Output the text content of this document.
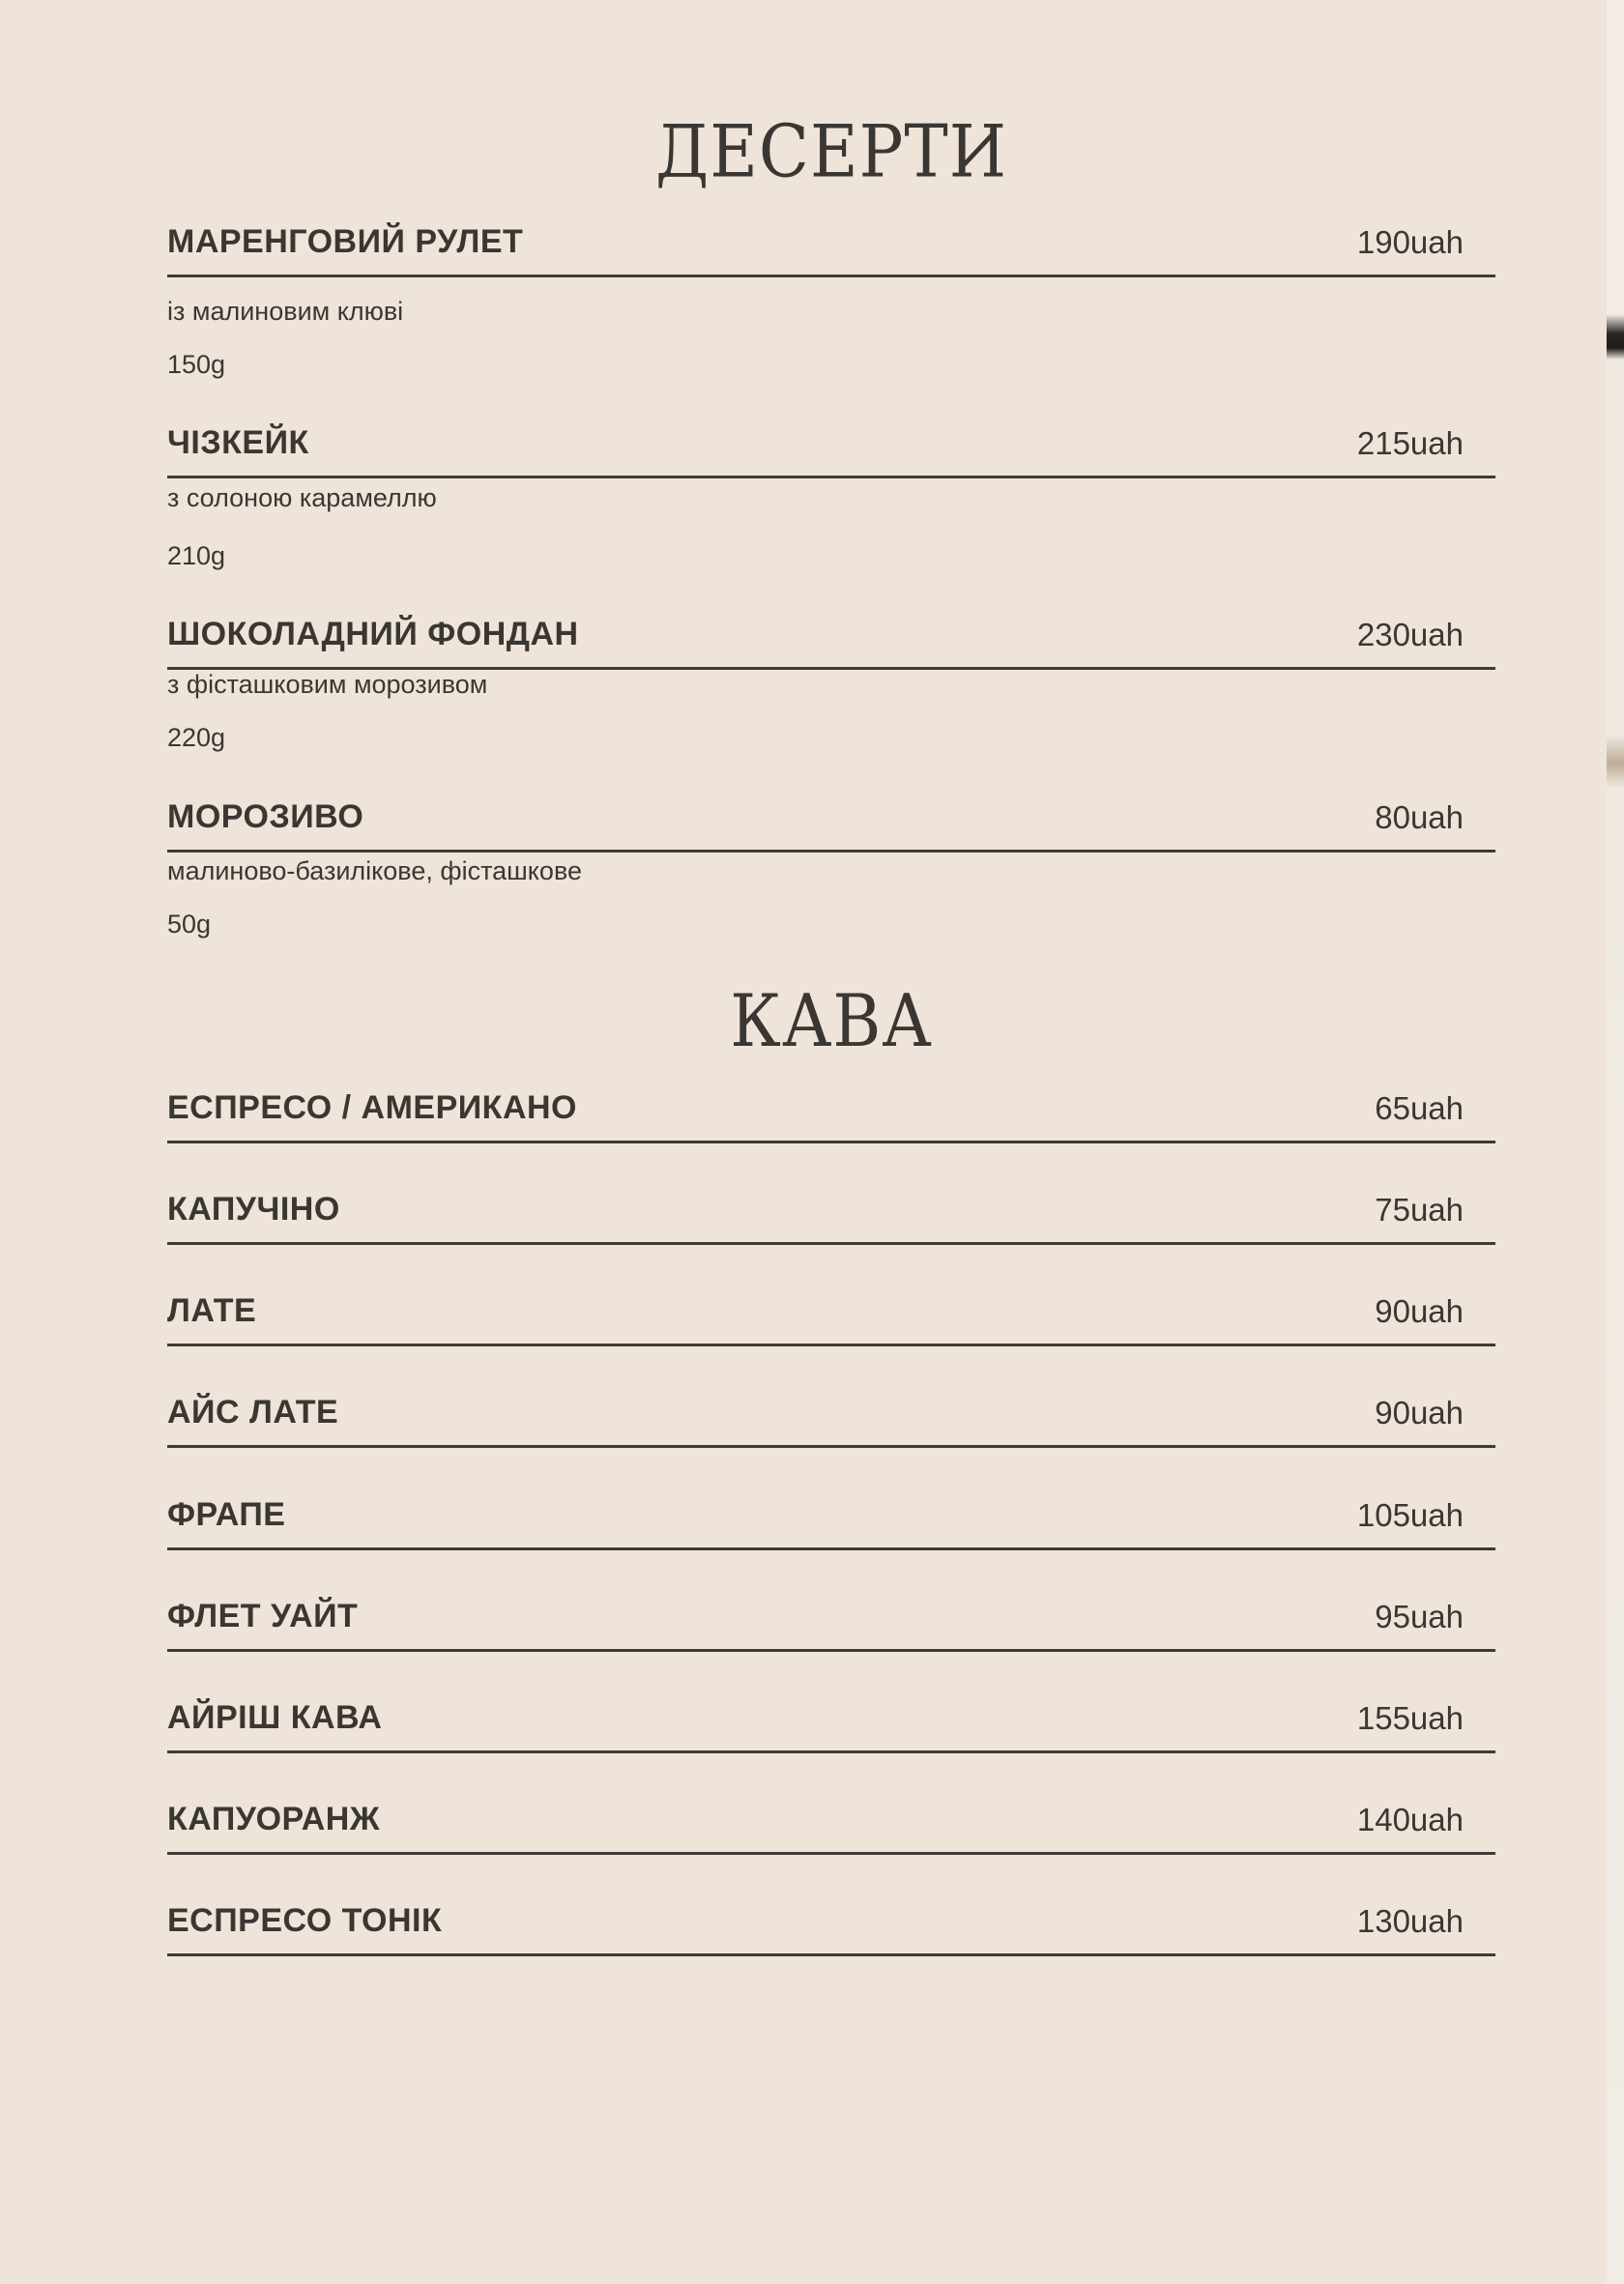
ДЕСЕРТИ
МАРЕНГОВИЙ РУЛЕТ	190uah
із малиновим клюві
150g
ЧІЗКЕЙК	215uah
з солоною карамеллю
210g
ШОКОЛАДНИЙ ФОНДАН	230uah
з фісташковим морозивом
220g
МОРОЗИВО	80uah
малиново-базилікове, фісташкове
50g
КАВА
ЕСПРЕСО / АМЕРИКАНО	65uah
КАПУЧІНО	75uah
ЛАТЕ	90uah
АЙС ЛАТЕ	90uah
ФРАПЕ	105uah
ФЛЕТ УАЙТ	95uah
АЙРІШ КАВА	155uah
КАПУОРАНЖ	140uah
ЕСПРЕСО ТОНІК	130uah
